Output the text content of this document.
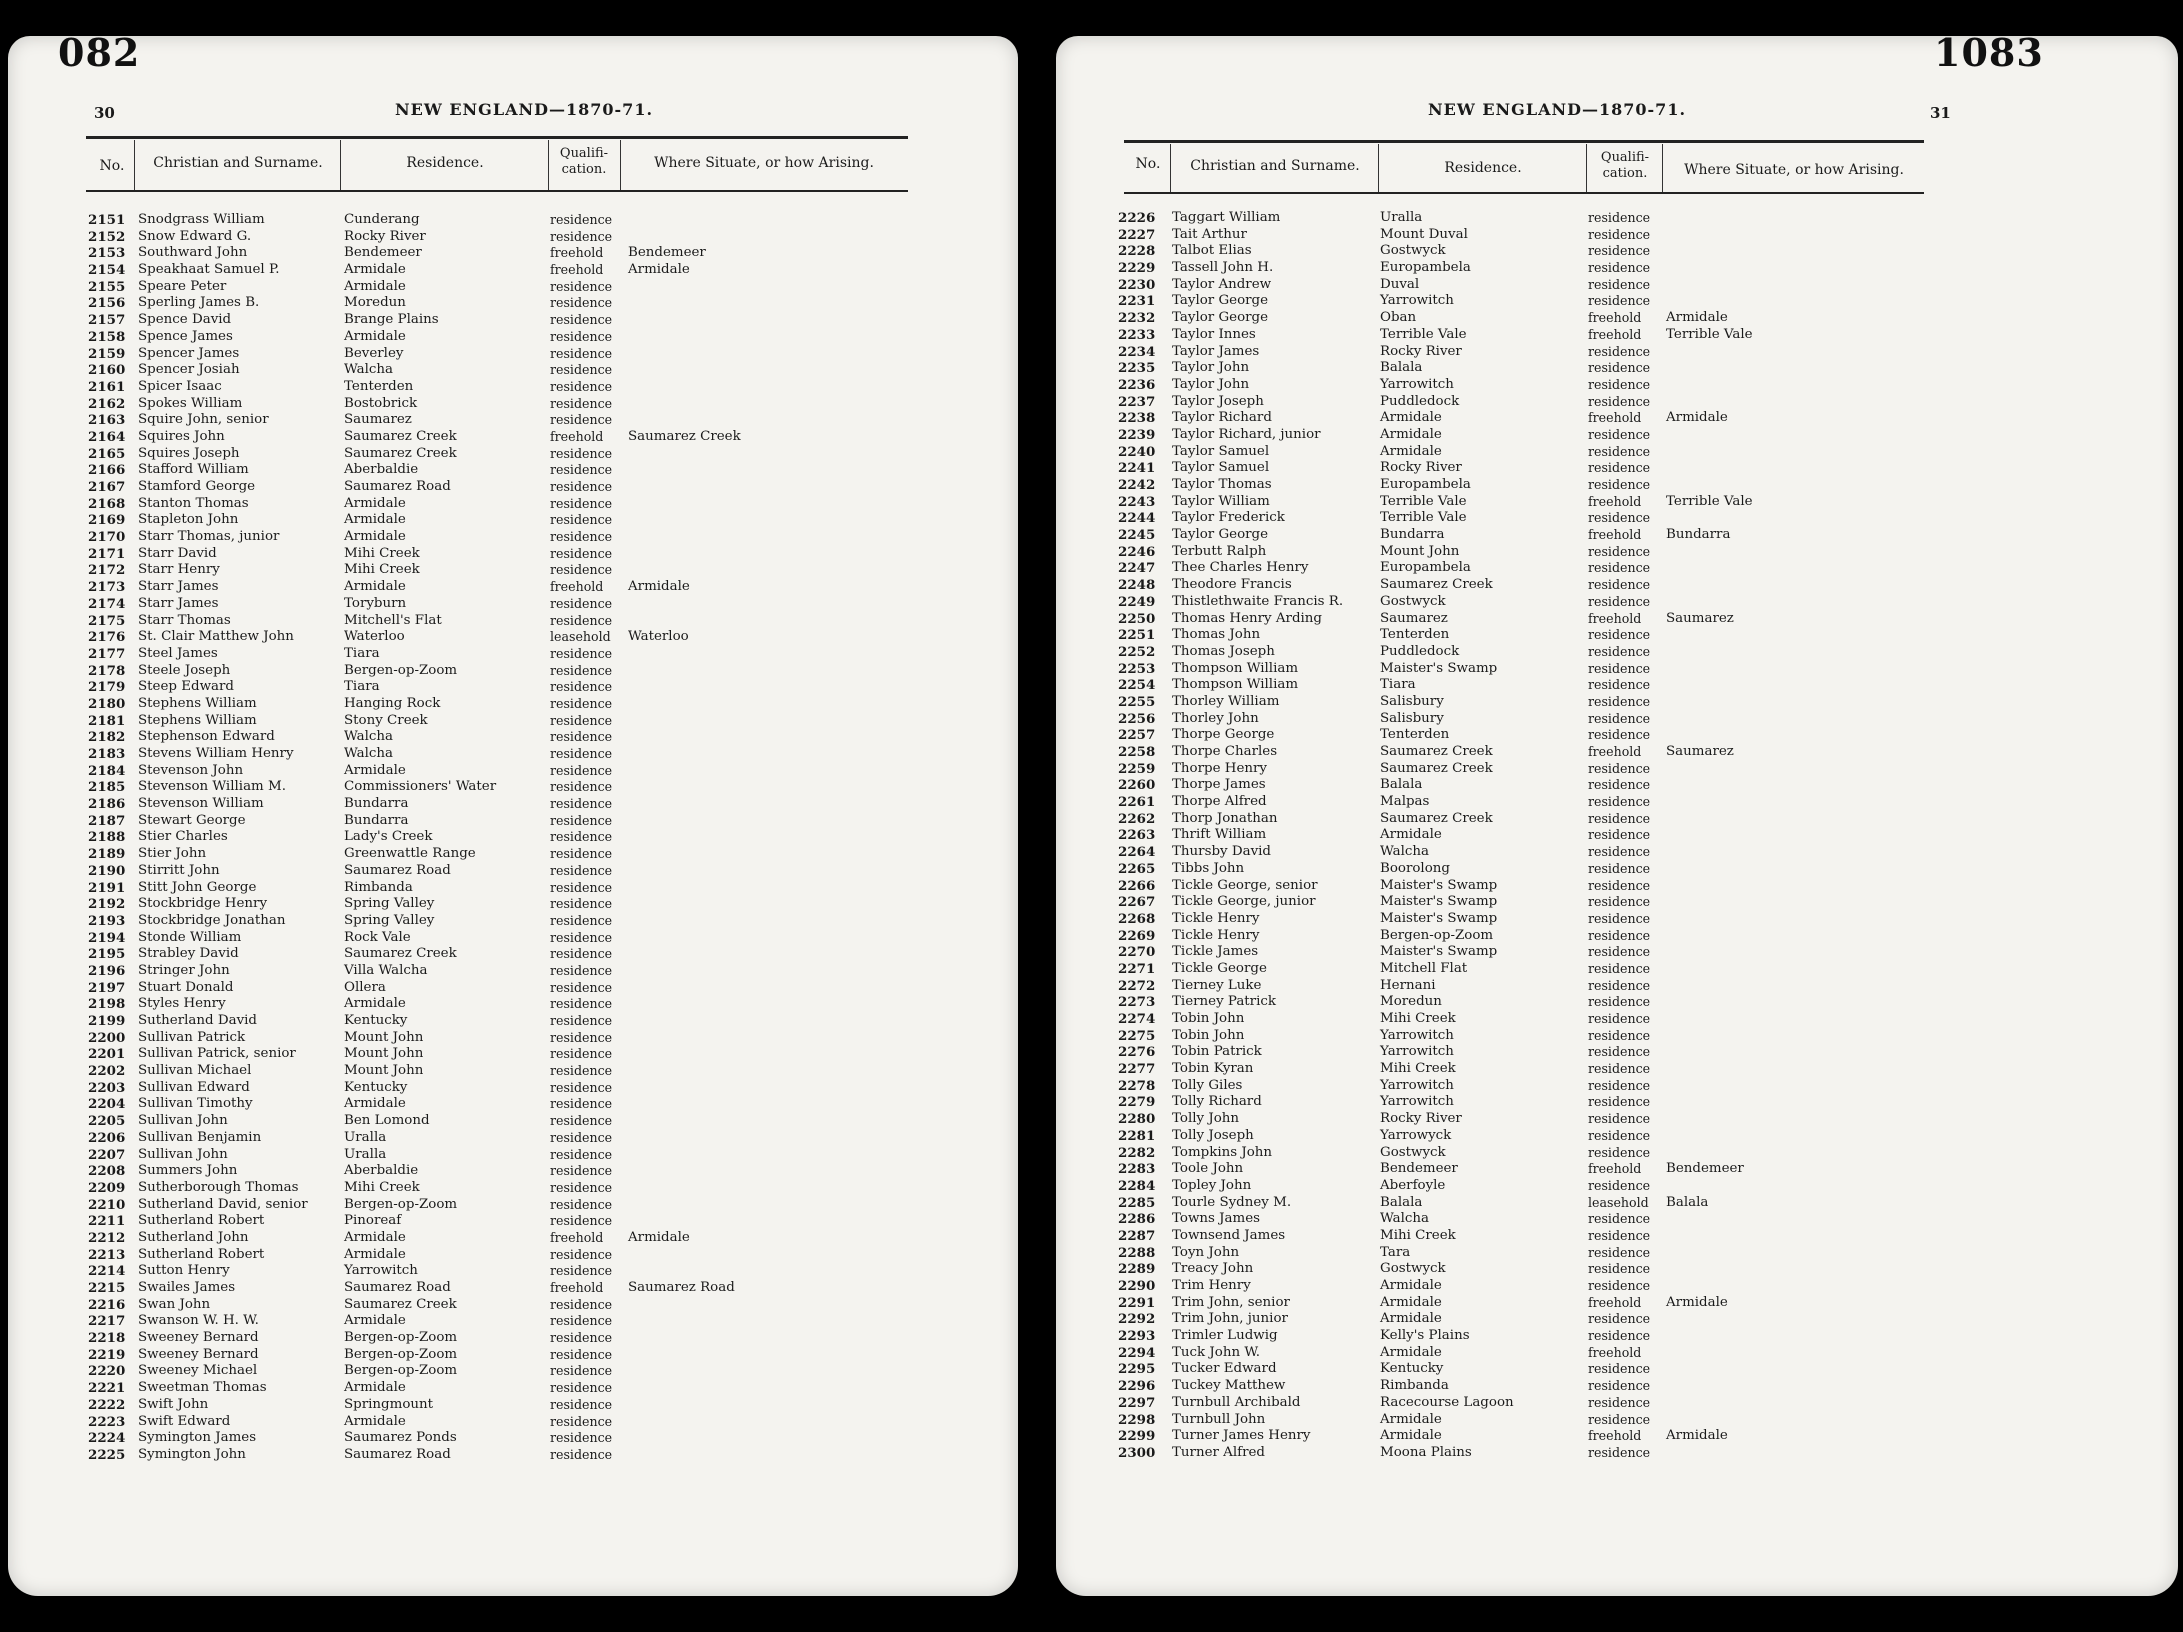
082
30	NEW ENGLAND—1870-71.
No.	Christian and Surname.	Residence.
Qualifi-cation.	Where Situate, or how Arising.
2151 Snodgrass William	Cunderang	residence
2152 Snow Edward G.	Rocky River	residence
2153 Southward John	Bendemeer	freehold Bendemeer
2154 Speakhaat Samuel P.	Armidale	freehold Armidale
2155 Speare Peter	Armidale	residence
2156 Sperling James B.	Moredun	residence
2157 Spence David	Brange Plains	residence
2158 Spence James	Armidale	residence
2159 Spencer James	Beverley	residence
2160 Spencer Josiah	Walcha	residence
2161 Spicer Isaac	Tenterden	residence
2162 Spokes William	Bostobrick	residence
2163 Squire John, senior	Saumarez	residence
2164 Squires John	Saumarez Creek	freehold Saumarez Creek
2165 Squires Joseph	Saumarez Creek	residence
2166 Stafford William	Aberbaldie	residence
2167 Stamford George	Saumarez Road	residence
2168 Stanton Thomas	Armidale	residence
2169 Stapleton John	Armidale	residence
2170 Starr Thomas, junior	Armidale	residence
2171 Starr David	Mihi Creek	residence
2172 Starr Henry	Mihi Creek	residence
2173 Starr James	Armidale	freehold Armidale
2174 Starr James	Toryburn	residence
2175 Starr Thomas	Mitchell's Flat	residence
2176 St. Clair Matthew John	Waterloo	leasehold Waterloo
2177 Steel James	Tiara	residence
2178 Steele Joseph	Bergen-op-Zoom	residence
2179 Steep Edward	Tiara	residence
2180 Stephens William	Hanging Rock	residence
2181 Stephens William	Stony Creek	residence
2182 Stephenson Edward	Walcha	residence
2183 Stevens William Henry	Walcha	residence
2184 Stevenson John	Armidale	residence
2185 Stevenson William M.	Commissioners' Water	residence
2186 Stevenson William	Bundarra	residence
2187 Stewart George	Bundarra	residence
2188 Stier Charles	Lady's Creek	residence
2189 Stier John	Greenwattle Range	residence
2190 Stirritt John	Saumarez Road	residence
2191 Stitt John George	Rimbanda	residence
2192 Stockbridge Henry	Spring Valley	residence
2193 Stockbridge Jonathan	Spring Valley	residence
2194 Stonde William	Rock Vale	residence
2195 Strabley David	Saumarez Creek	residence
2196 Stringer John	Villa Walcha	residence
2197 Stuart Donald	Ollera	residence
2198 Styles Henry	Armidale	residence
2199 Sutherland David	Kentucky	residence
2200 Sullivan Patrick	Mount John	residence
2201 Sullivan Patrick, senior	Mount John	residence
2202 Sullivan Michael	Mount John	residence
2203 Sullivan Edward	Kentucky	residence
2204 Sullivan Timothy	Armidale	residence
2205 Sullivan John	Ben Lomond	residence
2206 Sullivan Benjamin	Uralla	residence
2207 Sullivan John	Uralla	residence
2208 Summers John	Aberbaldie	residence
2209 Sutherborough Thomas	Mihi Creek	residence
2210 Sutherland David, senior	Bergen-op-Zoom	residence
2211 Sutherland Robert	Pinoreaf	residence
2212 Sutherland John	Armidale	freehold Armidale
2213 Sutherland Robert	Armidale	residence
2214 Sutton Henry	Yarrowitch	residence
2215 Swailes James	Saumarez Road	freehold Saumarez Road
2216 Swan John	Saumarez Creek	residence
2217 Swanson W. H. W.	Armidale	residence
2218 Sweeney Bernard	Bergen-op-Zoom	residence
2219 Sweeney Bernard	Bergen-op-Zoom	residence
2220 Sweeney Michael	Bergen-op-Zoom	residence
2221 Sweetman Thomas	Armidale	residence
2222 Swift John	Springmount	residence
2223 Swift Edward	Armidale	residence
2224 Symington James	Saumarez Ponds	residence
2225 Symington John	Saumarez Road	residence
1083
31
NEW ENGLAND—1870-71.
No.	Christian and Surname.	Residence.
Qualifi-cation.	Where Situate, or how Arising.
2226 Taggart William	Uralla	residence
2227 Tait Arthur	Mount Duval	residence
2228 Talbot Elias	Gostwyck	residence
2229 Tassell John H.	Europambela	residence
2230 Taylor Andrew	Duval	residence
2231 Taylor George	Yarrowitch	residence
2232 Taylor George	Oban	freehold Armidale
2233 Taylor Innes	Terrible Vale	freehold Terrible Vale
2234 Taylor James	Rocky River	residence
2235 Taylor John	Balala	residence
2236 Taylor John	Yarrowitch	residence
2237 Taylor Joseph	Puddledock	residence
2238 Taylor Richard	Armidale	freehold Armidale
2239 Taylor Richard, junior	Armidale	residence
2240 Taylor Samuel	Armidale	residence
2241 Taylor Samuel	Rocky River	residence
2242 Taylor Thomas	Europambela	residence
2243 Taylor William	Terrible Vale	freehold Terrible Vale
2244 Taylor Frederick	Terrible Vale	residence
2245 Taylor George	Bundarra	freehold Bundarra
2246 Terbutt Ralph	Mount John	residence
2247 Thee Charles Henry	Europambela	residence
2248 Theodore Francis	Saumarez Creek	residence
2249 Thistlethwaite Francis R.	Gostwyck	residence
2250 Thomas Henry Arding	Saumarez	freehold Saumarez
2251 Thomas John	Tenterden	residence
2252 Thomas Joseph	Puddledock	residence
2253 Thompson William	Maister's Swamp	residence
2254 Thompson William	Tiara	residence
2255 Thorley William	Salisbury	residence
2256 Thorley John	Salisbury	residence
2257 Thorpe George	Tenterden	residence
2258 Thorpe Charles	Saumarez Creek	freehold Saumarez
2259 Thorpe Henry	Saumarez Creek	residence
2260 Thorpe James	Balala	residence
2261 Thorpe Alfred	Malpas	residence
2262 Thorp Jonathan	Saumarez Creek	residence
2263 Thrift William	Armidale	residence
2264 Thursby David	Walcha	residence
2265 Tibbs John	Boorolong	residence
2266 Tickle George, senior	Maister's Swamp	residence
2267 Tickle George, junior	Maister's Swamp	residence
2268 Tickle Henry	Maister's Swamp	residence
2269 Tickle Henry	Bergen-op-Zoom	residence
2270 Tickle James	Maister's Swamp	residence
2271 Tickle George	Mitchell Flat	residence
2272 Tierney Luke	Hernani	residence
2273 Tierney Patrick	Moredun	residence
2274 Tobin John	Mihi Creek	residence
2275 Tobin John	Yarrowitch	residence
2276 Tobin Patrick	Yarrowitch	residence
2277 Tobin Kyran	Mihi Creek	residence
2278 Tolly Giles	Yarrowitch	residence
2279 Tolly Richard	Yarrowitch	residence
2280 Tolly John	Rocky River	residence
2281 Tolly Joseph	Yarrowyck	residence
2282 Tompkins John	Gostwyck	residence
2283 Toole John	Bendemeer	freehold Bendemeer
2284 Topley John	Aberfoyle	residence
2285 Tourle Sydney M.	Balala	leasehold Balala
2286 Towns James	Walcha	residence
2287 Townsend James	Mihi Creek	residence
2288 Toyn John	Tara	residence
2289 Treacy John	Gostwyck	residence
2290 Trim Henry	Armidale	residence
2291 Trim John, senior	Armidale	freehold Armidale
2292 Trim John, junior	Armidale	residence
2293 Trimler Ludwig	Kelly's Plains	residence
2294 Tuck John W.	Armidale	freehold
2295 Tucker Edward	Kentucky	residence
2296 Tuckey Matthew	Rimbanda	residence
2297 Turnbull Archibald	Racecourse Lagoon	residence
2298 Turnbull John	Armidale	residence
2299 Turner James Henry	Armidale	freehold Armidale
2300 Turner Alfred	Moona Plains	residence
